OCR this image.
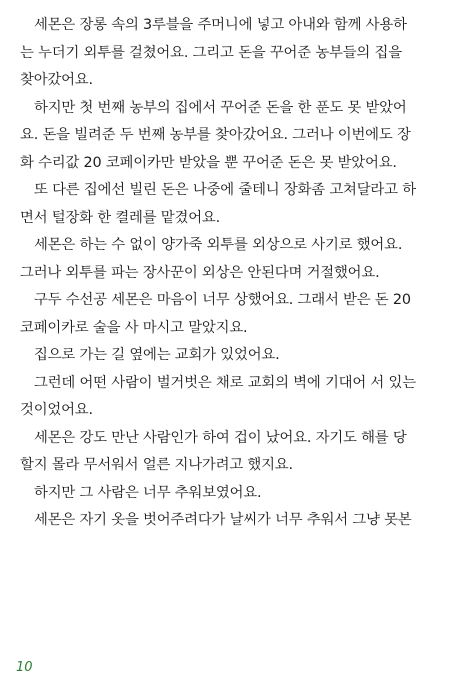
세몬은 장롱 속의 3루블을 주머니에 넣고 아내와 함께 사용하
는 누더기 외투를 걸쳤어요. 그리고 돈을 꾸어준 농부들의 집을
찾아갔어요.
하지만 첫 번째 농부의 집에서 꾸어준 돈을 한 푼도 못 받았어
요. 돈을 빌려준 두 번째 농부를 찾아갔어요. 그러나 이번에도 장
화 수리값 20 코페이카만 받았을 뿐 꾸어준 돈은 못 받았어요.
또 다른 집에선 빌린 돈은 나중에 줄테니 장화좀 고쳐달라고 하
면서 털장화 한 켤레를 맡겼어요.
세몬은 하는 수 없이 양가죽 외투를 외상으로 사기로 했어요.
그러나 외투를 파는 장사꾼이 외상은 안된다며 거절했어요.
구두 수선공 세몬은 마음이 너무 상했어요. 그래서 받은 돈 20
코페이카로 술을 사 마시고 말았지요.
집으로 가는 길 옆에는 교회가 있었어요.
그런데 어떤 사람이 벌거벗은 채로 교회의 벽에 기대어 서 있는
것이었어요.
세몬은 강도 만난 사람인가 하여 겁이 났어요. 자기도 해를 당
할지 몰라 무서워서 얼른 지나가려고 했지요.
하지만 그 사람은 너무 추워보였어요.
세몬은 자기 옷을 벗어주려다가 날씨가 너무 추워서 그냥 못본
10
